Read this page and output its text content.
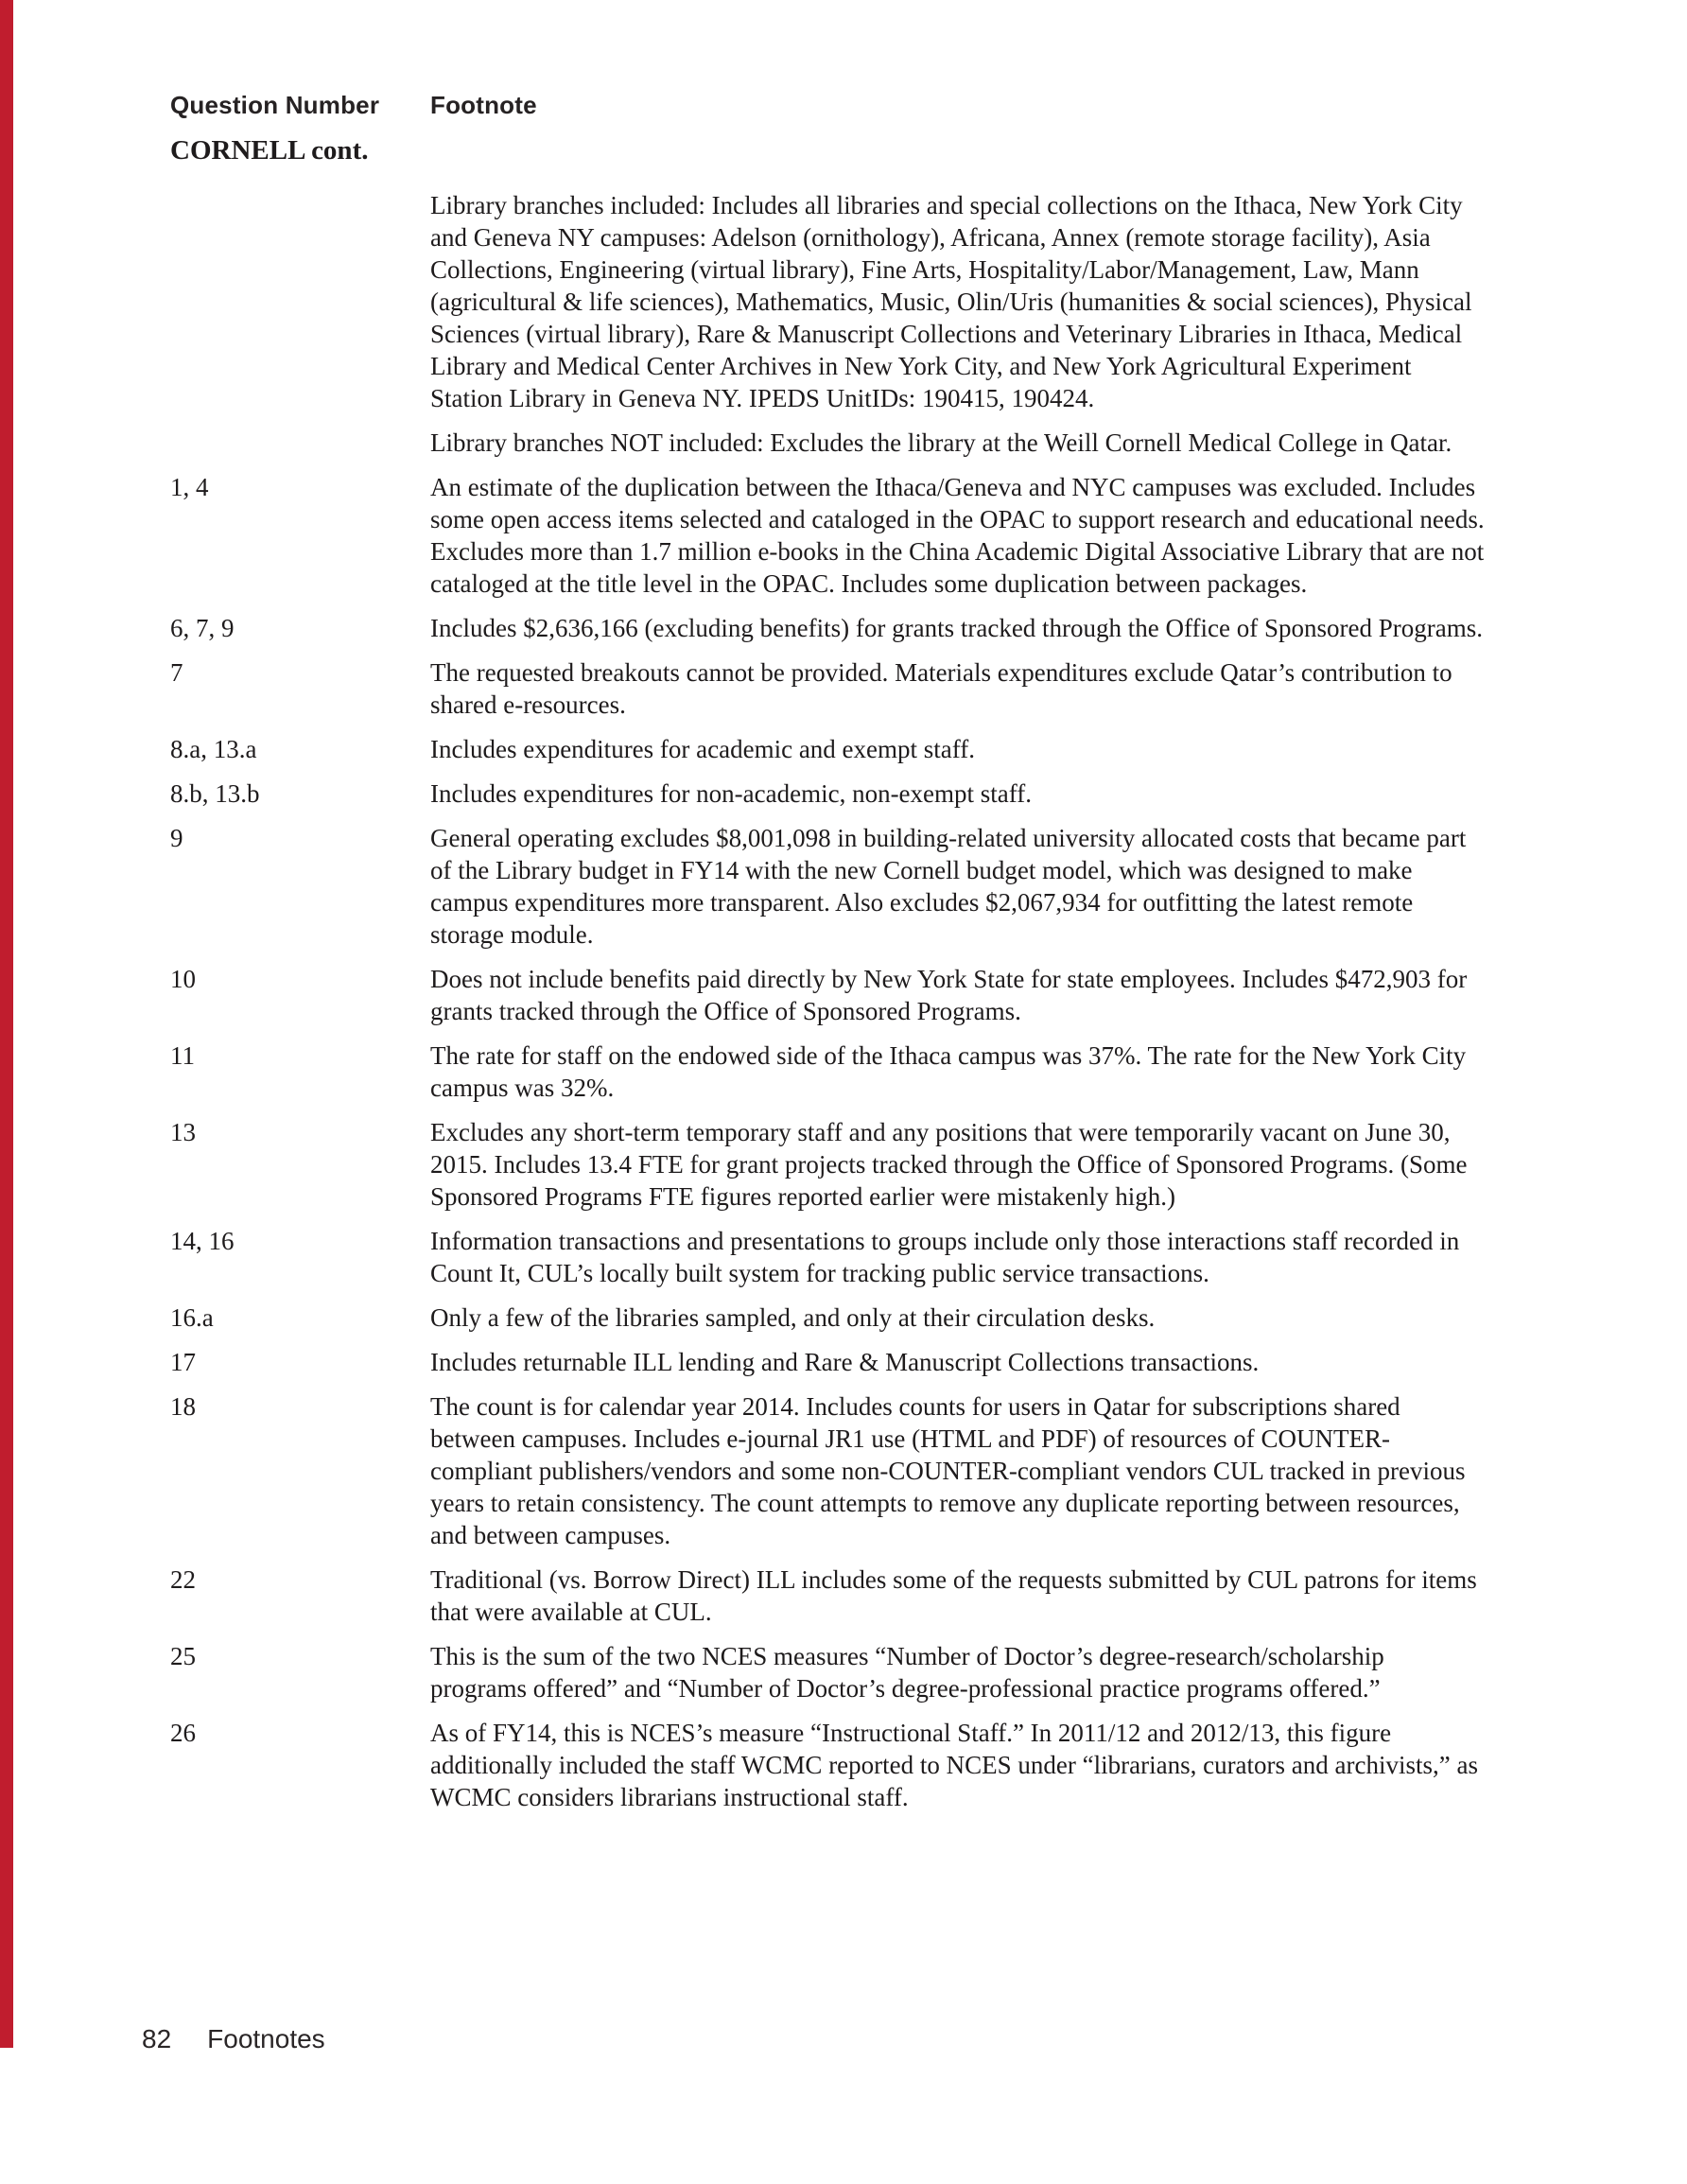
Question Number	Footnote
CORNELL cont.
Library branches included: Includes all libraries and special collections on the Ithaca, New York City and Geneva NY campuses: Adelson (ornithology), Africana, Annex (remote storage facility), Asia Collections, Engineering (virtual library), Fine Arts, Hospitality/Labor/Management, Law, Mann (agricultural & life sciences), Mathematics, Music, Olin/Uris (humanities & social sciences), Physical Sciences (virtual library), Rare & Manuscript Collections and Veterinary Libraries in Ithaca, Medical Library and Medical Center Archives in New York City, and New York Agricultural Experiment Station Library in Geneva NY. IPEDS UnitIDs: 190415, 190424.
Library branches NOT included: Excludes the library at the Weill Cornell Medical College in Qatar.
1, 4	An estimate of the duplication between the Ithaca/Geneva and NYC campuses was excluded. Includes some open access items selected and cataloged in the OPAC to support research and educational needs. Excludes more than 1.7 million e-books in the China Academic Digital Associative Library that are not cataloged at the title level in the OPAC. Includes some duplication between packages.
6, 7, 9	Includes $2,636,166 (excluding benefits) for grants tracked through the Office of Sponsored Programs.
7	The requested breakouts cannot be provided. Materials expenditures exclude Qatar’s contribution to shared e-resources.
8.a, 13.a	Includes expenditures for academic and exempt staff.
8.b, 13.b	Includes expenditures for non-academic, non-exempt staff.
9	General operating excludes $8,001,098 in building-related university allocated costs that became part of the Library budget in FY14 with the new Cornell budget model, which was designed to make campus expenditures more transparent. Also excludes $2,067,934 for outfitting the latest remote storage module.
10	Does not include benefits paid directly by New York State for state employees. Includes $472,903 for grants tracked through the Office of Sponsored Programs.
11	The rate for staff on the endowed side of the Ithaca campus was 37%. The rate for the New York City campus was 32%.
13	Excludes any short-term temporary staff and any positions that were temporarily vacant on June 30, 2015. Includes 13.4 FTE for grant projects tracked through the Office of Sponsored Programs. (Some Sponsored Programs FTE figures reported earlier were mistakenly high.)
14, 16	Information transactions and presentations to groups include only those interactions staff recorded in Count It, CUL’s locally built system for tracking public service transactions.
16.a	Only a few of the libraries sampled, and only at their circulation desks.
17	Includes returnable ILL lending and Rare & Manuscript Collections transactions.
18	The count is for calendar year 2014. Includes counts for users in Qatar for subscriptions shared between campuses. Includes e-journal JR1 use (HTML and PDF) of resources of COUNTER-compliant publishers/vendors and some non-COUNTER-compliant vendors CUL tracked in previous years to retain consistency. The count attempts to remove any duplicate reporting between resources, and between campuses.
22	Traditional (vs. Borrow Direct) ILL includes some of the requests submitted by CUL patrons for items that were available at CUL.
25	This is the sum of the two NCES measures “Number of Doctor’s degree-research/scholarship programs offered” and “Number of Doctor’s degree-professional practice programs offered.”
26	As of FY14, this is NCES’s measure “Instructional Staff.” In 2011/12 and 2012/13, this figure additionally included the staff WCMC reported to NCES under “librarians, curators and archivists,” as WCMC considers librarians instructional staff.
82 Footnotes
